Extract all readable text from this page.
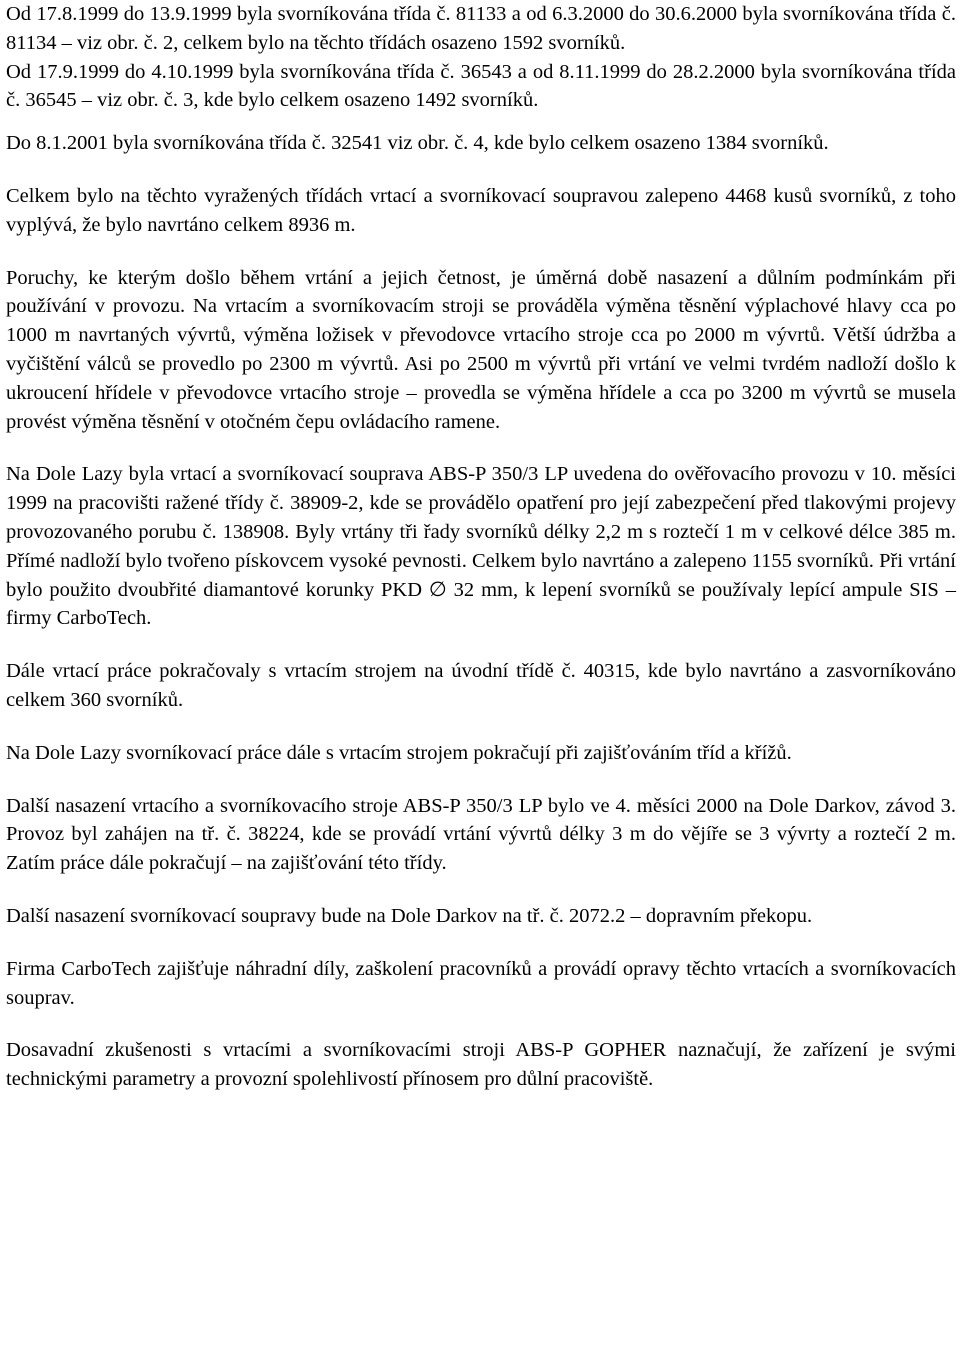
Od 17.8.1999 do 13.9.1999 byla svorníkována třída č. 81133 a od 6.3.2000 do 30.6.2000 byla svorníkována třída č. 81134 – viz obr. č. 2, celkem bylo na těchto třídách osazeno 1592 svorníků.

Od 17.9.1999 do 4.10.1999 byla svorníkována třída č. 36543 a od 8.11.1999 do 28.2.2000 byla svorníkována třída č. 36545 – viz obr. č. 3, kde bylo celkem osazeno 1492 svorníků.

Do 8.1.2001 byla svorníkována třída č. 32541 viz obr. č. 4, kde bylo celkem osazeno 1384 svorníků.

Celkem bylo na těchto vyražených třídách vrtací a svorníkovací soupravou zalepeno 4468 kusů svorníků, z toho vyplývá, že bylo navrtáno celkem 8936 m.

Poruchy, ke kterým došlo během vrtání a jejich četnost, je úměrná době nasazení a důlním podmínkám při používání v provozu. Na vrtacím a svorníkovacím stroji se prováděla výměna těsnění výplachové hlavy cca po 1000 m navrtaných vývrtů, výměna ložisek v převodovce vrtacího stroje cca po 2000 m vývrtů. Větší údržba a vyčištění válců se provedlo po 2300 m vývrtů. Asi po 2500 m vývrtů při vrtání ve velmi tvrdém nadloží došlo k ukroucení hřídele v převodovce vrtacího stroje – provedla se výměna hřídele a cca po 3200 m vývrtů se musela provést výměna těsnění v otočném čepu ovládacího ramene.

Na Dole Lazy byla vrtací a svorníkovací souprava ABS-P 350/3 LP uvedena do ověřovacího provozu v 10. měsíci 1999 na pracovišti ražené třídy č. 38909-2, kde se provádělo opatření pro její zabezpečení před tlakovými projevy provozovaného porubu č. 138908. Byly vrtány tři řady svorníků délky 2,2 m s roztečí 1 m v celkové délce 385 m. Přímé nadloží bylo tvořeno pískovcem vysoké pevnosti. Celkem bylo navrtáno a zalepeno 1155 svorníků. Při vrtání bylo použito dvoubřité diamantové korunky PKD ∅ 32 mm, k lepení svorníků se používaly lepící ampule SIS – firmy CarboTech.

Dále vrtací práce pokračovaly s vrtacím strojem na úvodní třídě č. 40315, kde bylo navrtáno a zasvorníkováno celkem 360 svorníků.

Na Dole Lazy svorníkovací práce dále s vrtacím strojem pokračují při zajišťováním tříd a křížů.

Další nasazení vrtacího a svorníkovacího stroje ABS-P 350/3 LP bylo ve 4. měsíci 2000 na Dole Darkov, závod 3. Provoz byl zahájen na tř. č. 38224, kde se provádí vrtání vývrtů délky 3 m do vějíře se 3 vývrty a roztečí 2 m. Zatím práce dále pokračují – na zajišťování této třídy.

Další nasazení svorníkovací soupravy bude na Dole Darkov na tř. č. 2072.2 – dopravním překopu.

Firma CarboTech zajišťuje náhradní díly, zaškolení pracovníků a provádí opravy těchto vrtacích a svorníkovacích souprav.

Dosavadní zkušenosti s vrtacími a svorníkovacími stroji ABS-P GOPHER naznačují, že zařízení je svými technickými parametry a provozní spolehlivostí přínosem pro důlní pracoviště.
